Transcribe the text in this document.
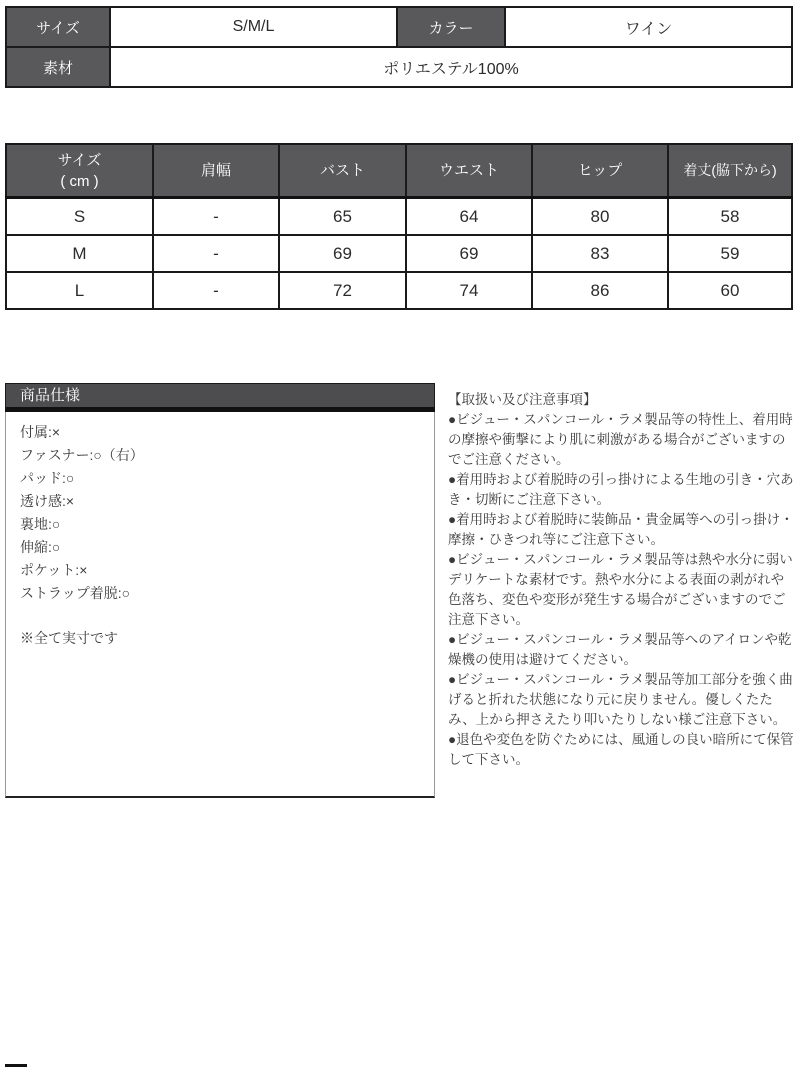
サイズ	S/M/L	カラー	ワイン
素材	ポリエステル100%		
サイズ
( cm )	肩幅	バスト	ウエスト	ヒップ	着丈(脇下から)
S	-	65	64	80	58
M	-	69	69	83	59
L	-	72	74	86	60
商品仕様
付属:×
ファスナー:○（右）
パッド:○
透け感:×
裏地:○
伸縮:○
ポケット:×
ストラップ着脱:○
※全て実寸です

【取扱い及び注意事項】

●ビジュー・スパンコール・ラメ製品等の特性上、着用時の摩擦や衝撃により肌に刺激がある場合がございますのでご注意ください。

●着用時および着脱時の引っ掛けによる生地の引き・穴あき・切断にご注意下さい。

●着用時および着脱時に装飾品・貴金属等への引っ掛け・摩擦・ひきつれ等にご注意下さい。

●ビジュー・スパンコール・ラメ製品等は熱や水分に弱いデリケートな素材です。熱や水分による表面の剥がれや色落ち、変色や変形が発生する場合がございますのでご注意下さい。

●ビジュー・スパンコール・ラメ製品等へのアイロンや乾燥機の使用は避けてください。

●ビジュー・スパンコール・ラメ製品等加工部分を強く曲げると折れた状態になり元に戻りません。優しくたたみ、上から押さえたり叩いたりしない様ご注意下さい。

●退色や変色を防ぐためには、風通しの良い暗所にて保管して下さい。
